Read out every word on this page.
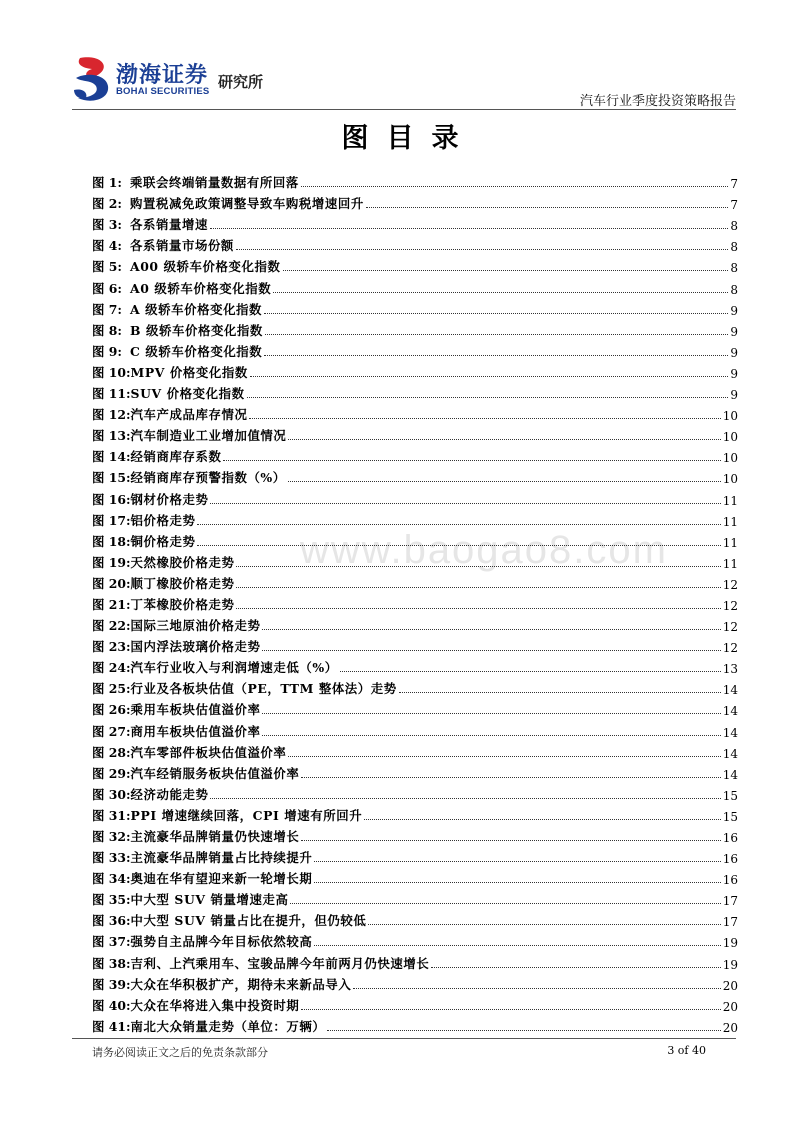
渤海证券
BOHAI SECURITIES
研究所
汽车行业季度投资策略报告
图目录
www.baogao8.com
图 1: 乘联会终端销量数据有所回落	7
图 2: 购置税减免政策调整导致车购税增速回升	7
图 3: 各系销量增速	8
图 4: 各系销量市场份额	8
图 5: A00 级轿车价格变化指数	8
图 6: A0 级轿车价格变化指数	8
图 7: A 级轿车价格变化指数	9
图 8: B 级轿车价格变化指数	9
图 9: C 级轿车价格变化指数	9
图 10: MPV 价格变化指数	9
图 11: SUV 价格变化指数	9
图 12: 汽车产成品库存情况	10
图 13: 汽车制造业工业增加值情况	10
图 14: 经销商库存系数	10
图 15: 经销商库存预警指数（%）	10
图 16: 钢材价格走势	11
图 17: 铝价格走势	11
图 18: 铜价格走势	11
图 19: 天然橡胶价格走势	11
图 20: 顺丁橡胶价格走势	12
图 21: 丁苯橡胶价格走势	12
图 22: 国际三地原油价格走势	12
图 23: 国内浮法玻璃价格走势	12
图 24: 汽车行业收入与利润增速走低（%）	13
图 25: 行业及各板块估值（PE，TTM 整体法）走势	14
图 26: 乘用车板块估值溢价率	14
图 27: 商用车板块估值溢价率	14
图 28: 汽车零部件板块估值溢价率	14
图 29: 汽车经销服务板块估值溢价率	14
图 30: 经济动能走势	15
图 31: PPI 增速继续回落，CPI 增速有所回升	15
图 32: 主流豪华品牌销量仍快速增长	16
图 33: 主流豪华品牌销量占比持续提升	16
图 34: 奥迪在华有望迎来新一轮增长期	16
图 35: 中大型 SUV 销量增速走高	17
图 36: 中大型 SUV 销量占比在提升，但仍较低	17
图 37: 强势自主品牌今年目标依然较高	19
图 38: 吉利、上汽乘用车、宝骏品牌今年前两月仍快速增长	19
图 39: 大众在华积极扩产，期待未来新品导入	20
图 40: 大众在华将进入集中投资时期	20
图 41: 南北大众销量走势（单位：万辆）	20
请务必阅读正文之后的免责条款部分	3 of 40
